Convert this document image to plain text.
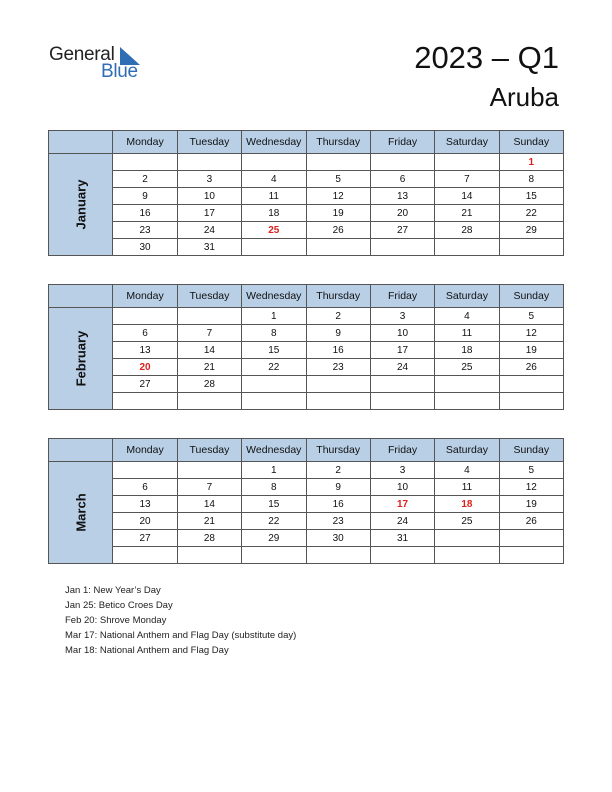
General
Blue	2023 – Q1
Aruba
	Monday	Tuesday	Wednesday	Thursday	Friday	Saturday	Sunday
January							1
	2	3	4	5	6	7	8
	9	10	11	12	13	14	15
	16	17	18	19	20	21	22
	23	24	25	26	27	28	29
	30	31					
	Monday	Tuesday	Wednesday	Thursday	Friday	Saturday	Sunday
February			1	2	3	4	5
	6	7	8	9	10	11	12
	13	14	15	16	17	18	19
	20	21	22	23	24	25	26
	27	28					

	Monday	Tuesday	Wednesday	Thursday	Friday	Saturday	Sunday
March			1	2	3	4	5
	6	7	8	9	10	11	12
	13	14	15	16	17	18	19
	20	21	22	23	24	25	26
	27	28	29	30	31		

Jan 1: New Year’s Day
Jan 25: Betico Croes Day
Feb 20: Shrove Monday
Mar 17: National Anthem and Flag Day (substitute day)
Mar 18: National Anthem and Flag Day
